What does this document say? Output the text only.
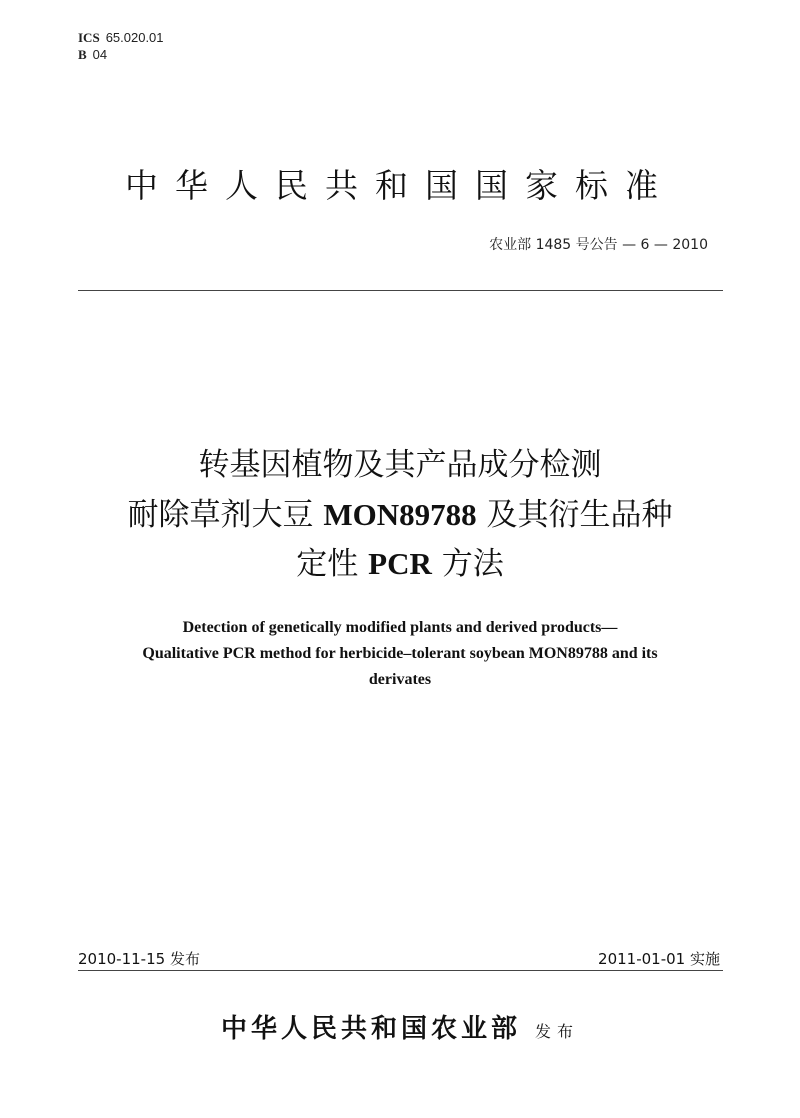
ICS 65.020.01
B 04
中华人民共和国国家标准
农业部 1485 号公告 — 6 — 2010
转基因植物及其产品成分检测
耐除草剂大豆 MON89788 及其衍生品种
定性 PCR 方法
Detection of genetically modified plants and derived products—
Qualitative PCR method for herbicide–tolerant soybean MON89788 and its
derivates
2010-11-15 发布	2011-01-01 实施
中华人民共和国农业部 发布
